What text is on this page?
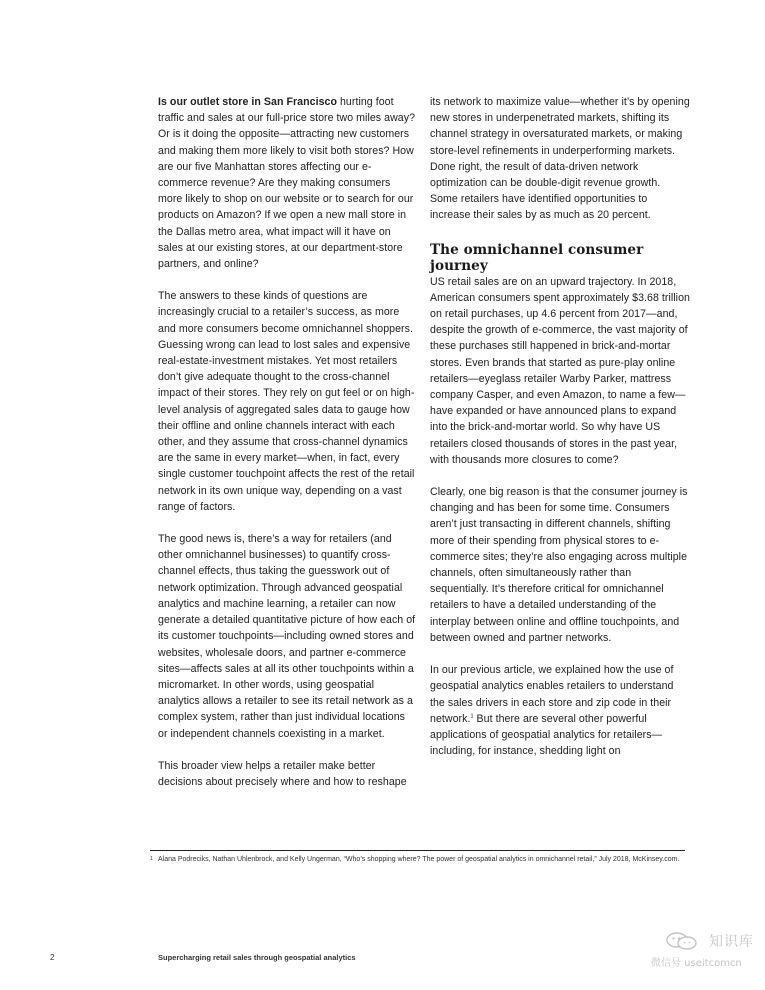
Is our outlet store in San Francisco hurting foot traffic and sales at our full-price store two miles away? Or is it doing the opposite—attracting new customers and making them more likely to visit both stores? How are our five Manhattan stores affecting our e-commerce revenue? Are they making consumers more likely to shop on our website or to search for our products on Amazon? If we open a new mall store in the Dallas metro area, what impact will it have on sales at our existing stores, at our department-store partners, and online?

The answers to these kinds of questions are increasingly crucial to a retailer’s success, as more and more consumers become omnichannel shoppers. Guessing wrong can lead to lost sales and expensive real-estate-investment mistakes. Yet most retailers don’t give adequate thought to the cross-channel impact of their stores. They rely on gut feel or on high-level analysis of aggregated sales data to gauge how their offline and online channels interact with each other, and they assume that cross-channel dynamics are the same in every market—when, in fact, every single customer touchpoint affects the rest of the retail network in its own unique way, depending on a vast range of factors.

The good news is, there’s a way for retailers (and other omnichannel businesses) to quantify cross-channel effects, thus taking the guesswork out of network optimization. Through advanced geospatial analytics and machine learning, a retailer can now generate a detailed quantitative picture of how each of its customer touchpoints—including owned stores and websites, wholesale doors, and partner e-commerce sites—affects sales at all its other touchpoints within a micromarket. In other words, using geospatial analytics allows a retailer to see its retail network as a complex system, rather than just individual locations or independent channels coexisting in a market.

This broader view helps a retailer make better decisions about precisely where and how to reshape

its network to maximize value—whether it’s by opening new stores in underpenetrated markets, shifting its channel strategy in oversaturated markets, or making store-level refinements in underperforming markets. Done right, the result of data-driven network optimization can be double-digit revenue growth. Some retailers have identified opportunities to increase their sales by as much as 20 percent.

The omnichannel consumer journey

US retail sales are on an upward trajectory. In 2018, American consumers spent approximately $3.68 trillion on retail purchases, up 4.6 percent from 2017—and, despite the growth of e-commerce, the vast majority of these purchases still happened in brick-and-mortar stores. Even brands that started as pure-play online retailers—eyeglass retailer Warby Parker, mattress company Casper, and even Amazon, to name a few—have expanded or have announced plans to expand into the brick-and-mortar world. So why have US retailers closed thousands of stores in the past year, with thousands more closures to come?

Clearly, one big reason is that the consumer journey is changing and has been for some time. Consumers aren’t just transacting in different channels, shifting more of their spending from physical stores to e-commerce sites; they’re also engaging across multiple channels, often simultaneously rather than sequentially. It’s therefore critical for omnichannel retailers to have a detailed understanding of the interplay between online and offline touchpoints, and between owned and partner networks.

In our previous article, we explained how the use of geospatial analytics enables retailers to understand the sales drivers in each store and zip code in their network.$^1$ But there are several other powerful applications of geospatial analytics for retailers—including, for instance, shedding light on

1 Alana Podreciks, Nathan Uhlenbrock, and Kelly Ungerman, “Who’s shopping where? The power of geospatial analytics in omnichannel retail,” July 2018, McKinsey.com.
2	Supercharging retail sales through geospatial analytics
知识库
微信号 useitcomcn
